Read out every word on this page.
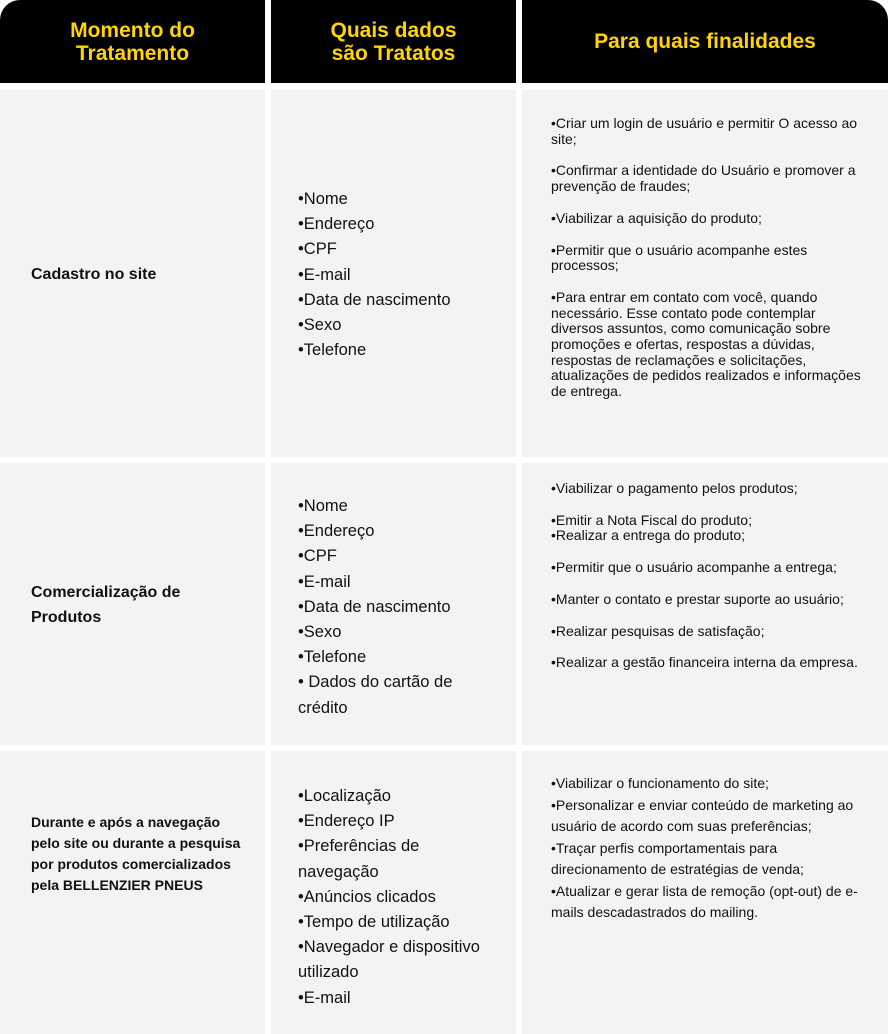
Momento do
Tratamento
Quais dados
são Tratatos	Para quais finalidades
Cadastro no site
•Nome
•Endereço
•CPF
•E-mail
•Data de nascimento
•Sexo
•Telefone
•Criar um login de usuário e permitir O acesso ao site;
•Confirmar a identidade do Usuário e promover a prevenção de fraudes;
•Viabilizar a aquisição do produto;
•Permitir que o usuário acompanhe estes processos;
•Para entrar em contato com você, quando necessário. Esse contato pode contemplar diversos assuntos, como comunicação sobre promoções e ofertas, respostas a dúvidas, respostas de reclamações e solicitações, atualizações de pedidos realizados e informações de entrega.
Comercialização de Produtos
•Nome
•Endereço
•CPF
•E-mail
•Data de nascimento
•Sexo
•Telefone
• Dados do cartão de crédito
•Viabilizar o pagamento pelos produtos;
•Emitir a Nota Fiscal do produto;
•Realizar a entrega do produto;
•Permitir que o usuário acompanhe a entrega;
•Manter o contato e prestar suporte ao usuário;
•Realizar pesquisas de satisfação;
•Realizar a gestão financeira interna da empresa.
Durante e após a navegação pelo site ou durante a pesquisa por produtos comercializados pela BELLENZIER PNEUS
•Localização
•Endereço IP
•Preferências de navegação
•Anúncios clicados
•Tempo de utilização
•Navegador e dispositivo utilizado
•E-mail
•Viabilizar o funcionamento do site;
•Personalizar e enviar conteúdo de marketing ao usuário de acordo com suas preferências;
•Traçar perfis comportamentais para direcionamento de estratégias de venda;
•Atualizar e gerar lista de remoção (opt-out) de e-mails descadastrados do mailing.
